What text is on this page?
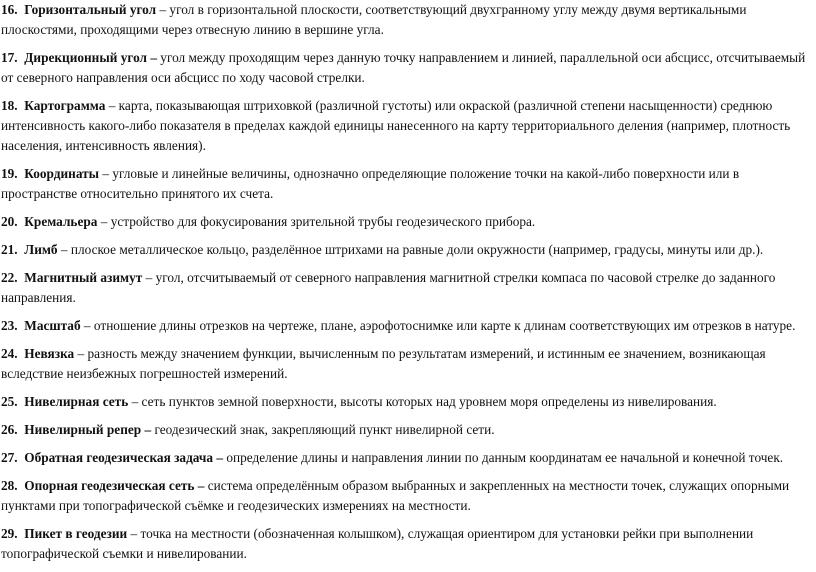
16. Горизонтальный угол – угол в горизонтальной плоскости, соответствующий двухгранному углу между двумя вертикальными плоскостями, проходящими через отвесную линию в вершине угла.

17. Дирекционный угол – угол между проходящим через данную точку направлением и линией, параллельной оси абсцисс, отсчитываемый от северного направления оси абсцисс по ходу часовой стрелки.

18. Картограмма – карта, показывающая штриховкой (различной густоты) или окраской (различной степени насыщенности) среднюю интенсивность какого-либо показателя в пределах каждой единицы нанесенного на карту территориального деления (например, плотность населения, интенсивность явления).

19. Координаты – угловые и линейные величины, однозначно определяющие положение точки на какой-либо поверхности или в пространстве относительно принятого их счета.

20. Кремальера – устройство для фокусирования зрительной трубы геодезического прибора.

21. Лимб – плоское металлическое кольцо, разделённое штрихами на равные доли окружности (например, градусы, минуты или др.).

22. Магнитный азимут – угол, отсчитываемый от северного направления магнитной стрелки компаса по часовой стрелке до заданного направления.

23. Масштаб – отношение длины отрезков на чертеже, плане, аэрофотоснимке или карте к длинам соответствующих им отрезков в натуре.

24. Невязка – разность между значением функции, вычисленным по результатам измерений, и истинным ее значением, возникающая вследствие неизбежных погрешностей измерений.

25. Нивелирная сеть – сеть пунктов земной поверхности, высоты которых над уровнем моря определены из нивелирования.

26. Нивелирный репер – геодезический знак, закрепляющий пункт нивелирной сети.

27. Обратная геодезическая задача – определение длины и направления линии по данным координатам ее начальной и конечной точек.

28. Опорная геодезическая сеть – система определённым образом выбранных и закрепленных на местности точек, служащих опорными пунктами при топографической съёмке и геодезических измерениях на местности.

29. Пикет в геодезии – точка на местности (обозначенная колышком), служащая ориентиром для установки рейки при выполнении топографической съемки и нивелировании.
